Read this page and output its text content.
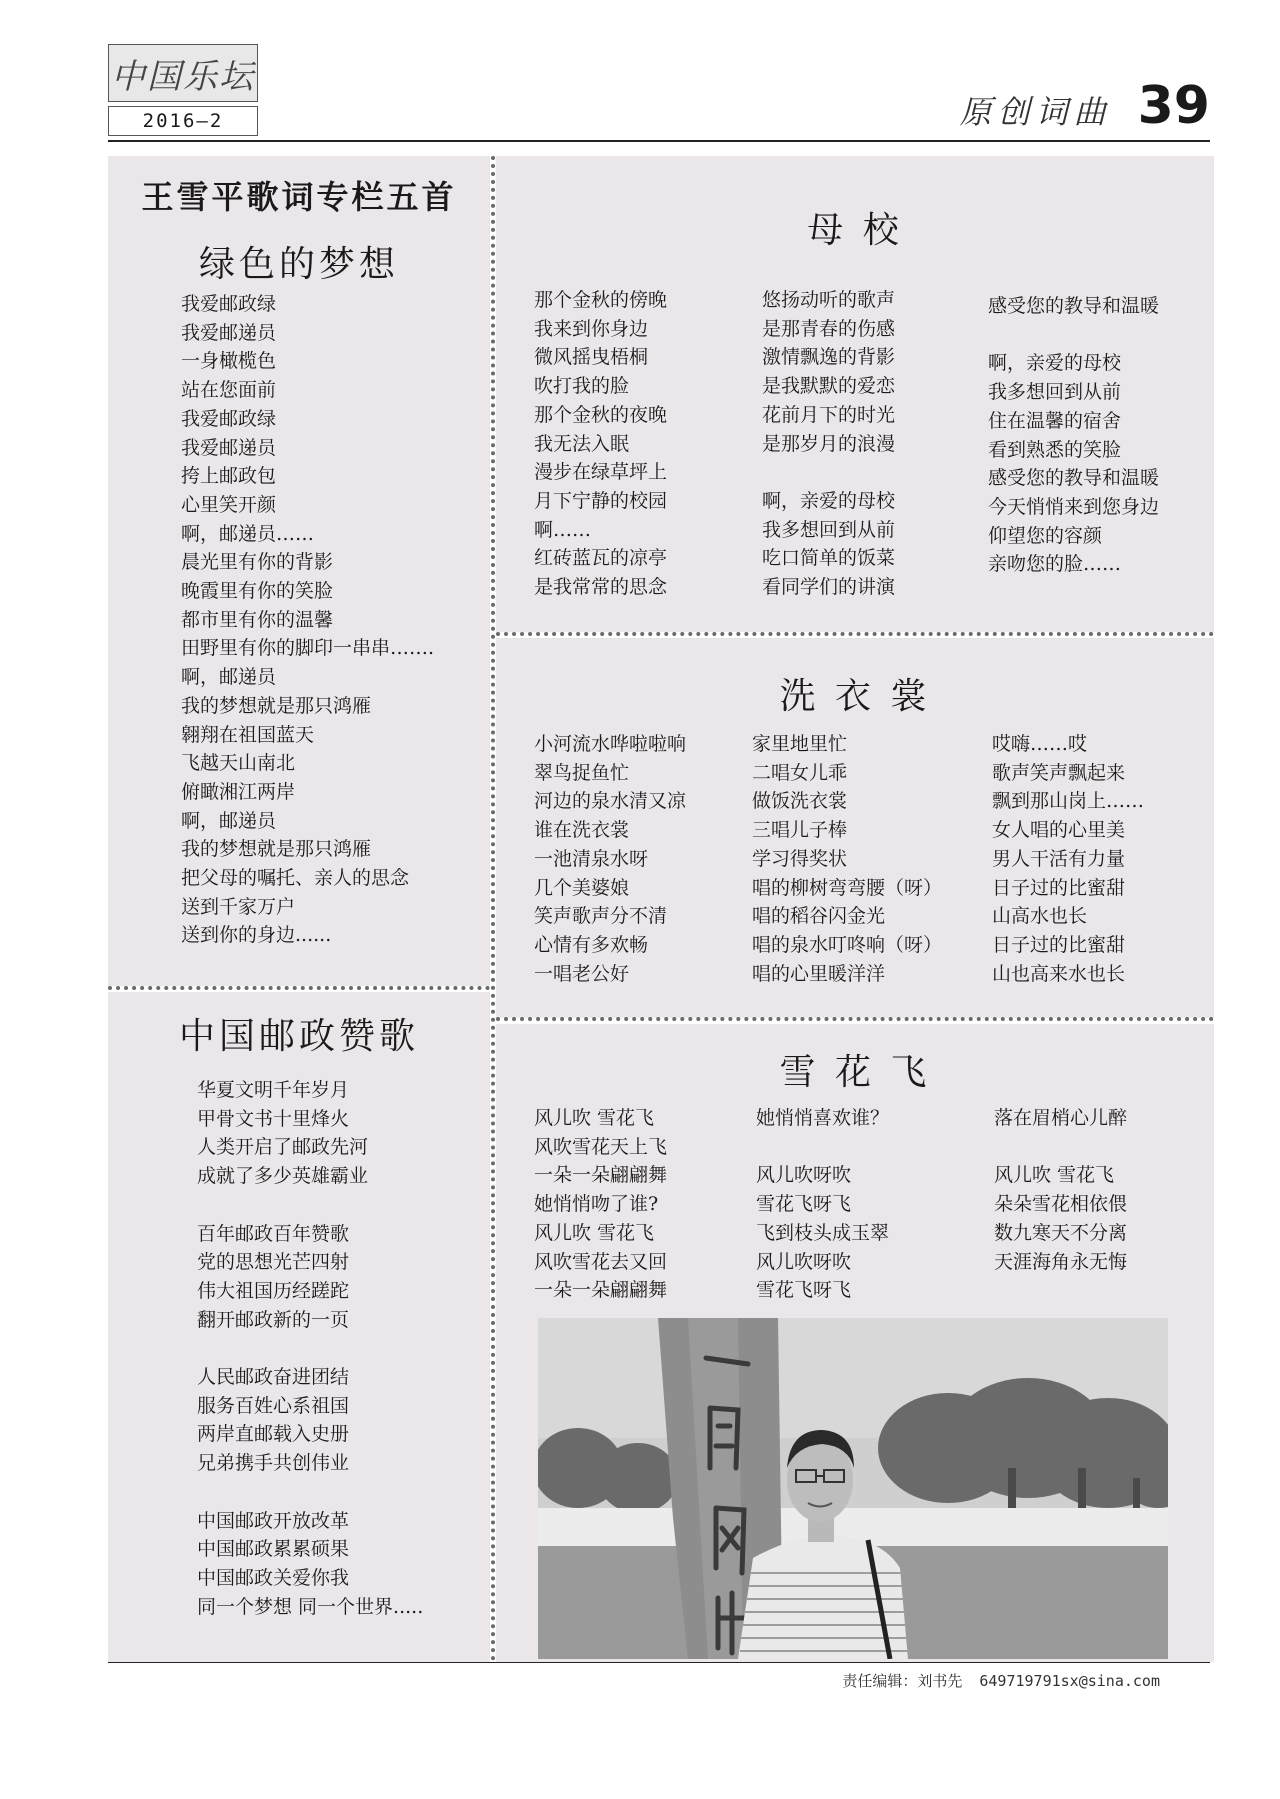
中国乐坛
2016—2	原创词曲 39
王雪平歌词专栏五首
绿色的梦想
我爱邮政绿
我爱邮递员
一身橄榄色
站在您面前
我爱邮政绿
我爱邮递员
挎上邮政包
心里笑开颜
啊，邮递员……
晨光里有你的背影
晚霞里有你的笑脸
都市里有你的温馨
田野里有你的脚印一串串…….
啊，邮递员
我的梦想就是那只鸿雁
翱翔在祖国蓝天
飞越天山南北
俯瞰湘江两岸
啊，邮递员
我的梦想就是那只鸿雁
把父母的嘱托、亲人的思念
送到千家万户
送到你的身边......
中国邮政赞歌
华夏文明千年岁月
甲骨文书十里烽火
人类开启了邮政先河
成就了多少英雄霸业
百年邮政百年赞歌
党的思想光芒四射
伟大祖国历经蹉跎
翻开邮政新的一页
人民邮政奋进团结
服务百姓心系祖国
两岸直邮载入史册
兄弟携手共创伟业
中国邮政开放改革
中国邮政累累硕果
中国邮政关爱你我
同一个梦想 同一个世界.....
母 校
那个金秋的傍晚
我来到你身边
微风摇曳梧桐
吹打我的脸
那个金秋的夜晚
我无法入眠
漫步在绿草坪上
月下宁静的校园
啊……
红砖蓝瓦的凉亭
是我常常的思念
悠扬动听的歌声
是那青春的伤感
激情飘逸的背影
是我默默的爱恋
花前月下的时光
是那岁月的浪漫
啊，亲爱的母校
我多想回到从前
吃口简单的饭菜
看同学们的讲演
感受您的教导和温暖
啊，亲爱的母校
我多想回到从前
住在温馨的宿舍
看到熟悉的笑脸
感受您的教导和温暖
今天悄悄来到您身边
仰望您的容颜
亲吻您的脸……
洗 衣 裳
小河流水哗啦啦响
翠鸟捉鱼忙
河边的泉水清又凉
谁在洗衣裳
一池清泉水呀
几个美婆娘
笑声歌声分不清
心情有多欢畅
一唱老公好
家里地里忙
二唱女儿乖
做饭洗衣裳
三唱儿子棒
学习得奖状
唱的柳树弯弯腰（呀）
唱的稻谷闪金光
唱的泉水叮咚响（呀）
唱的心里暖洋洋
哎嗨……哎
歌声笑声飘起来
飘到那山岗上……
女人唱的心里美
男人干活有力量
日子过的比蜜甜
山高水也长
日子过的比蜜甜
山也高来水也长
雪 花 飞
风儿吹 雪花飞
风吹雪花天上飞
一朵一朵翩翩舞
她悄悄吻了谁?
风儿吹 雪花飞
风吹雪花去又回
一朵一朵翩翩舞
她悄悄喜欢谁？
风儿吹呀吹
雪花飞呀飞
飞到枝头成玉翠
风儿吹呀吹
雪花飞呀飞
落在眉梢心儿醉
风儿吹 雪花飞
朵朵雪花相依偎
数九寒天不分离
天涯海角永无悔
责任编辑：刘书先 649719791sx@sina.com
